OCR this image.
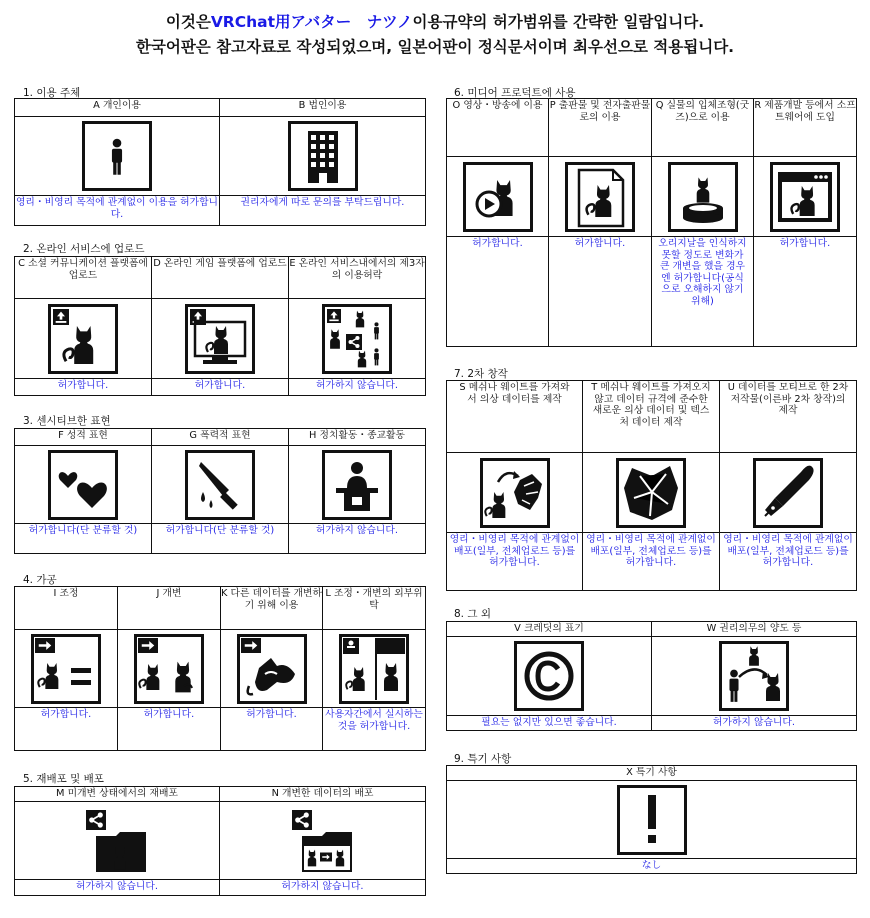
이것은VRChat用アバター　ナツノ이용규약의 허가범위를 간략한 일람입니다.
한국어판은 참고자료로 작성되었으며, 일본어판이 정식문서이며 최우선으로 적용됩니다.
1. 이용 주체
A 개인이용	B 법인이용

영리・비영리 목적에 관계없이 이용을 허가합니다.	권리자에게 따로 문의를 부탁드립니다.
2. 온라인 서비스에 업로드
C 소셜 커뮤니케이션 플랫폼에 업로드	D 온라인 게임 플랫폼에 업로드	E 온라인 서비스내에서의 제3자의 이용허락

허가합니다.	허가합니다.	허가하지 않습니다.
3. 센시티브한 표현
F 성적 표현	G 폭력적 표현	H 정치활동・종교활동

허가합니다(단 분류할 것)	허가합니다(단 분류할 것)	허가하지 않습니다.
4. 가공
I 조정	J 개변	K 다른 데이터를 개변하기 위해 이용	L 조정・개변의 외부위탁

허가합니다.	허가합니다.	허가합니다.	사용자간에서 실시하는 것을 허가합니다.
5. 재배포 및 배포
M 미개변 상태에서의 재배포	N 개변한 데이터의 배포

허가하지 않습니다.	허가하지 않습니다.
6. 미디어 프로덕트에 사용
O 영상・방송에 이용	P 출판물 및 전자출판물로의 이용	Q 실물의 입체조형(굿즈)으로 이용	R 제품개발 등에서 소프트웨어에 도입

허가합니다.	허가합니다.	오리지날을 인식하지 못할 정도로 변화가 큰 개변을 했을 경우엔 허가합니다(공식으로 오해하지 않기 위해)	허가합니다.
7. 2차 창작
S 메쉬나 웨이트를 가져와서 의상 데이터를 제작	T 메쉬나 웨이트를 가져오지 않고 데이터 규격에 준수한 새로운 의상 데이터 및 텍스처 데이터 제작	U 데이터를 모티브로 한 2차 저작물(이른바 2차 창작)의 제작

영리・비영리 목적에 관계없이 배포(일부, 전체업로드 등)를 허가합니다.	영리・비영리 목적에 관계없이 배포(일부, 전체업로드 등)를 허가합니다.	영리・비영리 목적에 관계없이 배포(일부, 전체업로드 등)를 허가합니다.
8. 그 외
V 크레딧의 표기	W 권리의무의 양도 등

필요는 없지만 있으면 좋습니다.	허가하지 않습니다.
9. 특기 사항
X 특기 사항

なし
